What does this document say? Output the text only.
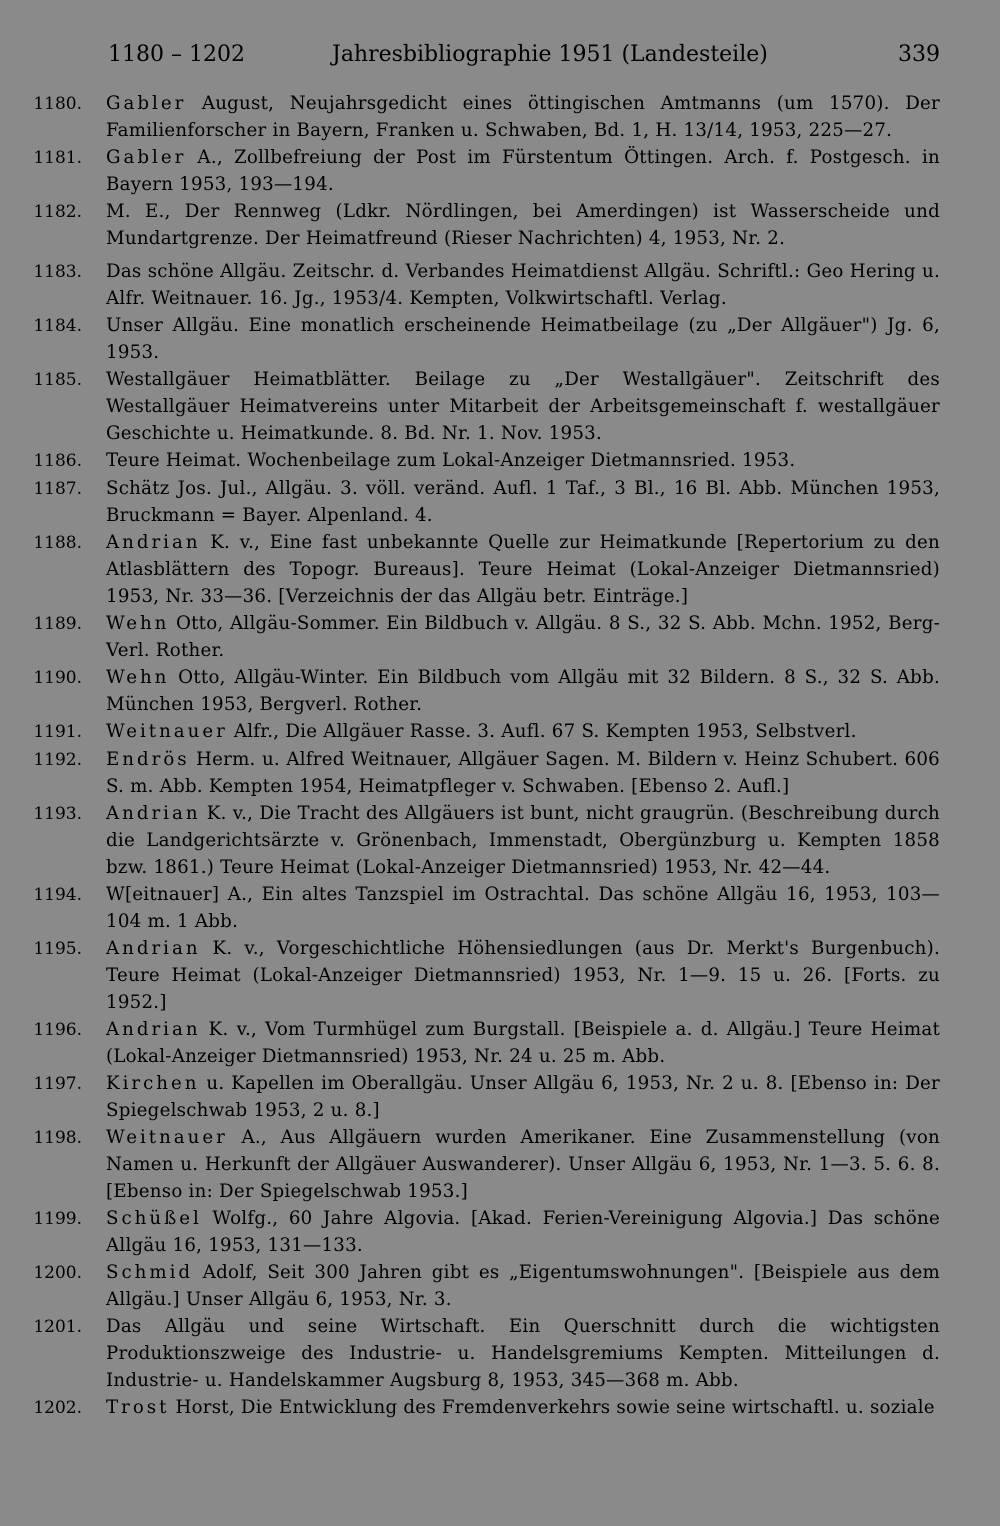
1180 – 1202	Jahresbibliographie 1951 (Landesteile)	339
1180. Gabler August, Neujahrsgedicht eines öttingischen Amtmanns (um 1570). Der Familienforscher in Bayern, Franken u. Schwaben, Bd. 1, H. 13/14, 1953, 225—27.
1181. Gabler A., Zollbefreiung der Post im Fürstentum Öttingen. Arch. f. Postgesch. in Bayern 1953, 193—194.
1182. M. E., Der Rennweg (Ldkr. Nördlingen, bei Amerdingen) ist Wasserscheide und Mundartgrenze. Der Heimatfreund (Rieser Nachrichten) 4, 1953, Nr. 2.
1183. Das schöne Allgäu. Zeitschr. d. Verbandes Heimatdienst Allgäu. Schriftl.: Geo Hering u. Alfr. Weitnauer. 16. Jg., 1953/4. Kempten, Volkwirtschaftl. Verlag.
1184. Unser Allgäu. Eine monatlich erscheinende Heimatbeilage (zu „Der Allgäuer") Jg. 6, 1953.
1185. Westallgäuer Heimatblätter. Beilage zu „Der Westallgäuer". Zeitschrift des Westallgäuer Heimatvereins unter Mitarbeit der Arbeitsgemeinschaft f. westallgäuer Geschichte u. Heimatkunde. 8. Bd. Nr. 1. Nov. 1953.
1186. Teure Heimat. Wochenbeilage zum Lokal-Anzeiger Dietmannsried. 1953.
1187. Schätz Jos. Jul., Allgäu. 3. völl. veränd. Aufl. 1 Taf., 3 Bl., 16 Bl. Abb. München 1953, Bruckmann = Bayer. Alpenland. 4.
1188. Andrian K. v., Eine fast unbekannte Quelle zur Heimatkunde [Repertorium zu den Atlasblättern des Topogr. Bureaus]. Teure Heimat (Lokal-Anzeiger Dietmannsried) 1953, Nr. 33—36. [Verzeichnis der das Allgäu betr. Einträge.]
1189. Wehn Otto, Allgäu-Sommer. Ein Bildbuch v. Allgäu. 8 S., 32 S. Abb. Mchn. 1952, Berg-Verl. Rother.
1190. Wehn Otto, Allgäu-Winter. Ein Bildbuch vom Allgäu mit 32 Bildern. 8 S., 32 S. Abb. München 1953, Bergverl. Rother.
1191. Weitnauer Alfr., Die Allgäuer Rasse. 3. Aufl. 67 S. Kempten 1953, Selbstverl.
1192. Endrös Herm. u. Alfred Weitnauer, Allgäuer Sagen. M. Bildern v. Heinz Schubert. 606 S. m. Abb. Kempten 1954, Heimatpfleger v. Schwaben. [Ebenso 2. Aufl.]
1193. Andrian K. v., Die Tracht des Allgäuers ist bunt, nicht graugrün. (Beschreibung durch die Landgerichtsärzte v. Grönenbach, Immenstadt, Obergünzburg u. Kempten 1858 bzw. 1861.) Teure Heimat (Lokal-Anzeiger Dietmannsried) 1953, Nr. 42—44.
1194. W[eitnauer] A., Ein altes Tanzspiel im Ostrachtal. Das schöne Allgäu 16, 1953, 103—104 m. 1 Abb.
1195. Andrian K. v., Vorgeschichtliche Höhensiedlungen (aus Dr. Merkt's Burgenbuch). Teure Heimat (Lokal-Anzeiger Dietmannsried) 1953, Nr. 1—9. 15 u. 26. [Forts. zu 1952.]
1196. Andrian K. v., Vom Turmhügel zum Burgstall. [Beispiele a. d. Allgäu.] Teure Heimat (Lokal-Anzeiger Dietmannsried) 1953, Nr. 24 u. 25 m. Abb.
1197. Kirchen u. Kapellen im Oberallgäu. Unser Allgäu 6, 1953, Nr. 2 u. 8. [Ebenso in: Der Spiegelschwab 1953, 2 u. 8.]
1198. Weitnauer A., Aus Allgäuern wurden Amerikaner. Eine Zusammenstellung (von Namen u. Herkunft der Allgäuer Auswanderer). Unser Allgäu 6, 1953, Nr. 1—3. 5. 6. 8. [Ebenso in: Der Spiegelschwab 1953.]
1199. Schüßel Wolfg., 60 Jahre Algovia. [Akad. Ferien-Vereinigung Algovia.] Das schöne Allgäu 16, 1953, 131—133.
1200. Schmid Adolf, Seit 300 Jahren gibt es „Eigentumswohnungen". [Beispiele aus dem Allgäu.] Unser Allgäu 6, 1953, Nr. 3.
1201. Das Allgäu und seine Wirtschaft. Ein Querschnitt durch die wichtigsten Produktionszweige des Industrie- u. Handelsgremiums Kempten. Mitteilungen d. Industrie- u. Handelskammer Augsburg 8, 1953, 345—368 m. Abb.
1202. Trost Horst, Die Entwicklung des Fremdenverkehrs sowie seine wirtschaftl. u. soziale
